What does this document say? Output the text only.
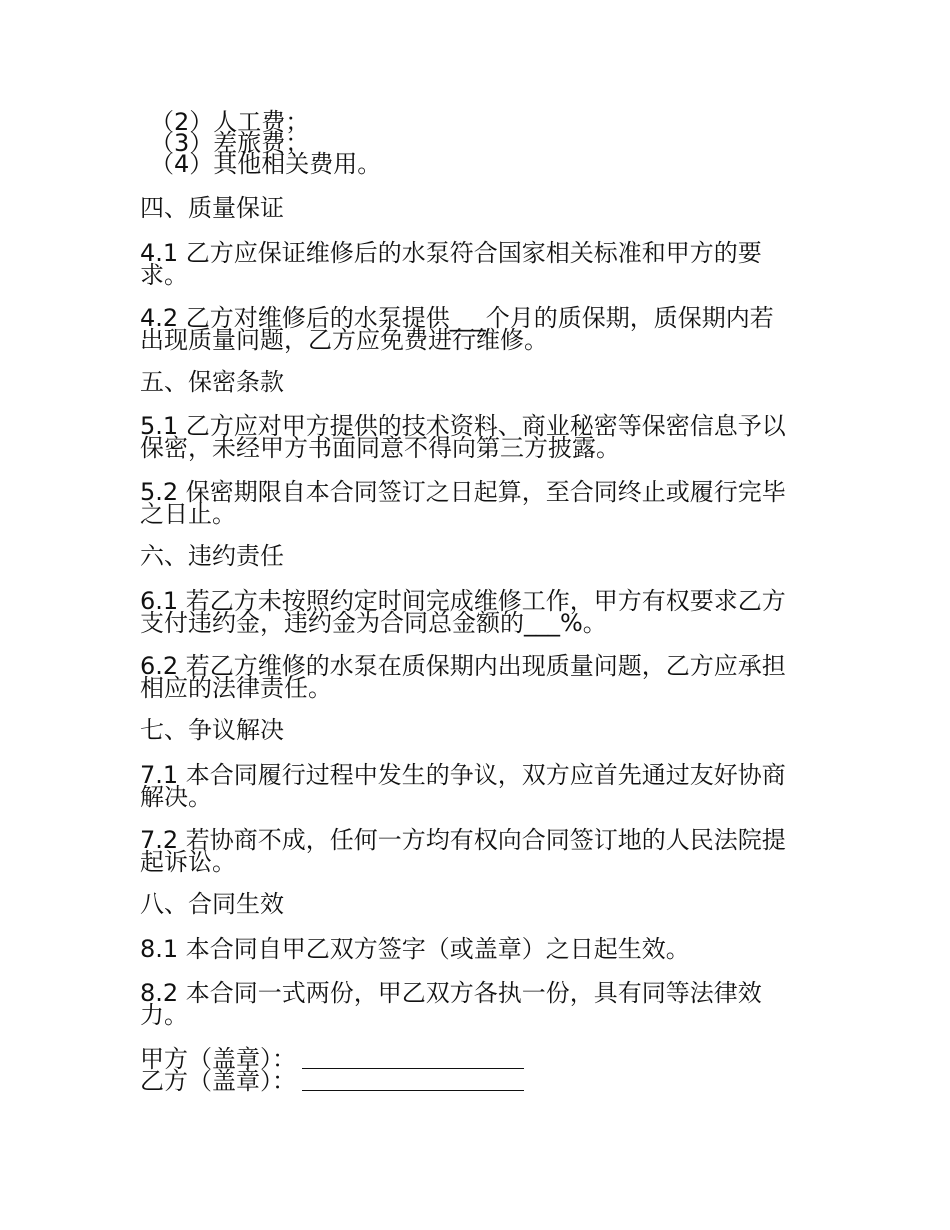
（2）人工费；

（3）差旅费；

（4）其他相关费用。

四、质量保证

4.1 乙方应保证维修后的水泵符合国家相关标准和甲方的要

求。

4.2 乙方对维修后的水泵提供___个月的质保期，质保期内若

出现质量问题，乙方应免费进行维修。

五、保密条款

5.1 乙方应对甲方提供的技术资料、商业秘密等保密信息予以

保密，未经甲方书面同意不得向第三方披露。

5.2 保密期限自本合同签订之日起算，至合同终止或履行完毕

之日止。

六、违约责任

6.1 若乙方未按照约定时间完成维修工作，甲方有权要求乙方

支付违约金，违约金为合同总金额的___%。

6.2 若乙方维修的水泵在质保期内出现质量问题，乙方应承担

相应的法律责任。

七、争议解决

7.1 本合同履行过程中发生的争议，双方应首先通过友好协商

解决。

7.2 若协商不成，任何一方均有权向合同签订地的人民法院提

起诉讼。

八、合同生效

8.1 本合同自甲乙双方签字（或盖章）之日起生效。

8.2 本合同一式两份，甲乙双方各执一份，具有同等法律效

力。

甲方（盖章）：
乙方（盖章）：
